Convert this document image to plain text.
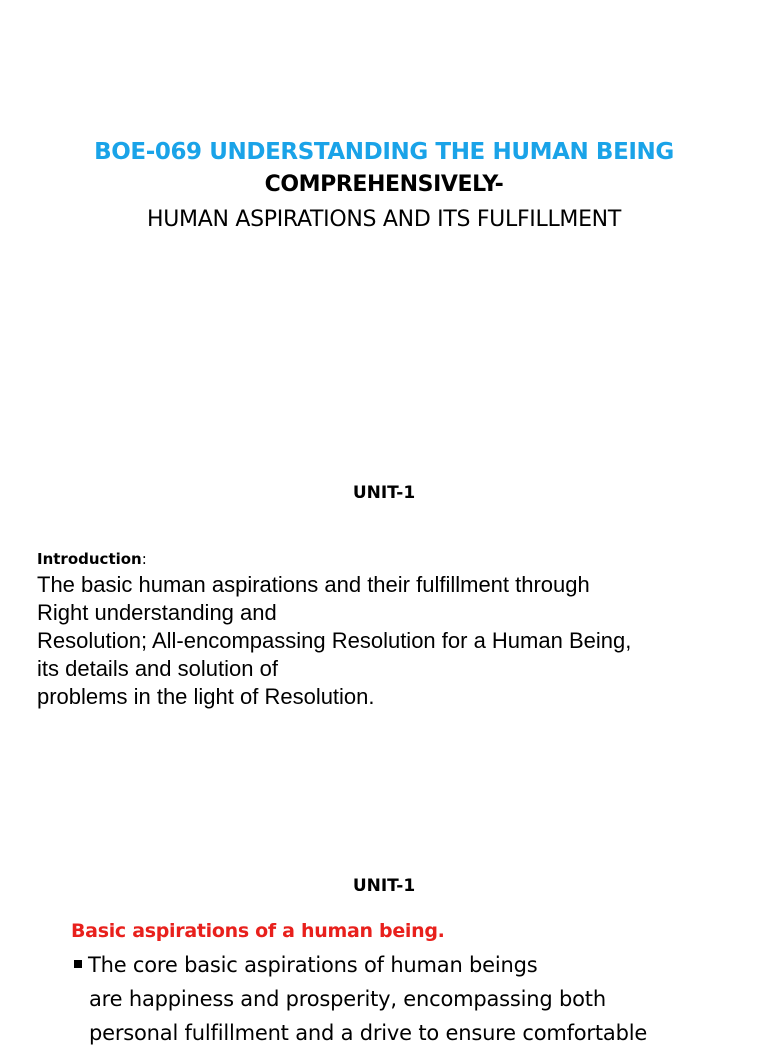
BOE-069 UNDERSTANDING THE HUMAN BEING
COMPREHENSIVELY-
HUMAN ASPIRATIONS AND ITS FULFILLMENT
UNIT-1
Introduction:
The basic human aspirations and their fulfillment through
Right understanding and
Resolution; All-encompassing Resolution for a Human Being,
its details and solution of
problems in the light of Resolution.
UNIT-1
Basic aspirations of a human being.
The core basic aspirations of human beings
are happiness and prosperity, encompassing both
personal fulfillment and a drive to ensure comfortable
